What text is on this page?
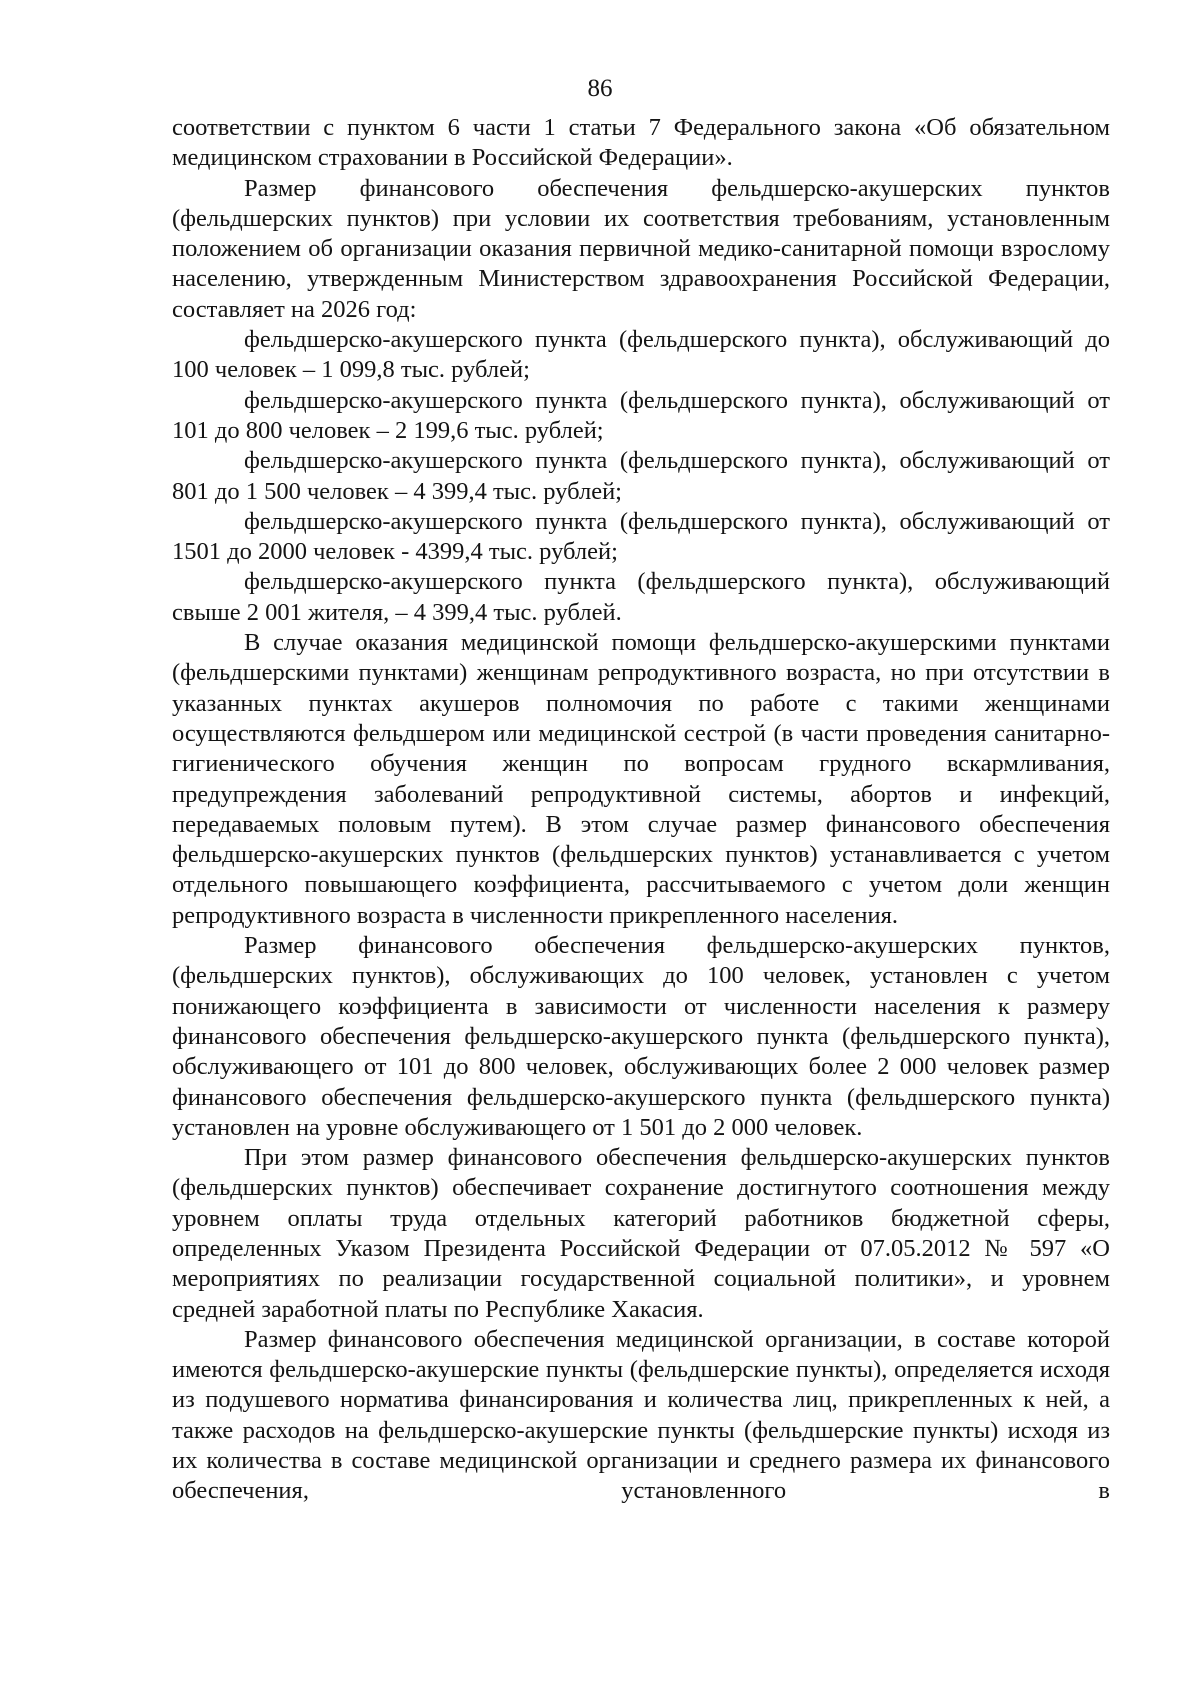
86

соответствии с пунктом 6 части 1 статьи 7 Федерального закона «Об обязательном медицинском страховании в Российской Федерации».

Размер финансового обеспечения фельдшерско-акушерских пунктов (фельдшерских пунктов) при условии их соответствия требованиям, установленным положением об организации оказания первичной медико-санитарной помощи взрослому населению, утвержденным Министерством здравоохранения Российской Федерации, составляет на 2026 год:

фельдшерско-акушерского пункта (фельдшерского пункта), обслуживающий до 100 человек – 1 099,8 тыс. рублей;

фельдшерско-акушерского пункта (фельдшерского пункта), обслуживающий от 101 до 800 человек – 2 199,6 тыс. рублей;

фельдшерско-акушерского пункта (фельдшерского пункта), обслуживающий от 801 до 1 500 человек – 4 399,4 тыс. рублей;

фельдшерско-акушерского пункта (фельдшерского пункта), обслуживающий от 1501 до 2000 человек - 4399,4 тыс. рублей;

фельдшерско-акушерского пункта (фельдшерского пункта), обслуживающий свыше 2 001 жителя, – 4 399,4 тыс. рублей.

В случае оказания медицинской помощи фельдшерско-акушерскими пунктами (фельдшерскими пунктами) женщинам репродуктивного возраста, но при отсутствии в указанных пунктах акушеров полномочия по работе с такими женщинами осуществляются фельдшером или медицинской сестрой (в части проведения санитарно-гигиенического обучения женщин по вопросам грудного вскармливания, предупреждения заболеваний репродуктивной системы, абортов и инфекций, передаваемых половым путем). В этом случае размер финансового обеспечения фельдшерско-акушерских пунктов (фельдшерских пунктов) устанавливается с учетом отдельного повышающего коэффициента, рассчитываемого с учетом доли женщин репродуктивного возраста в численности прикрепленного населения.

Размер финансового обеспечения фельдшерско-акушерских пунктов, (фельдшерских пунктов), обслуживающих до 100 человек, установлен с учетом понижающего коэффициента в зависимости от численности населения к размеру финансового обеспечения фельдшерско-акушерского пункта (фельдшерского пункта), обслуживающего от 101 до 800 человек, обслуживающих более 2 000 человек размер финансового обеспечения фельдшерско-акушерского пункта (фельдшерского пункта) установлен на уровне обслуживающего от 1 501 до 2 000 человек.

При этом размер финансового обеспечения фельдшерско-акушерских пунктов (фельдшерских пунктов) обеспечивает сохранение достигнутого соотношения между уровнем оплаты труда отдельных категорий работников бюджетной сферы, определенных Указом Президента Российской Федерации от 07.05.2012 № 597 «О мероприятиях по реализации государственной социальной политики», и уровнем средней заработной платы по Республике Хакасия.

Размер финансового обеспечения медицинской организации, в составе которой имеются фельдшерско-акушерские пункты (фельдшерские пункты), определяется исходя из подушевого норматива финансирования и количества лиц, прикрепленных к ней, а также расходов на фельдшерско-акушерские пункты (фельдшерские пункты) исходя из их количества в составе медицинской организации и среднего размера их финансового обеспечения, установленного в
